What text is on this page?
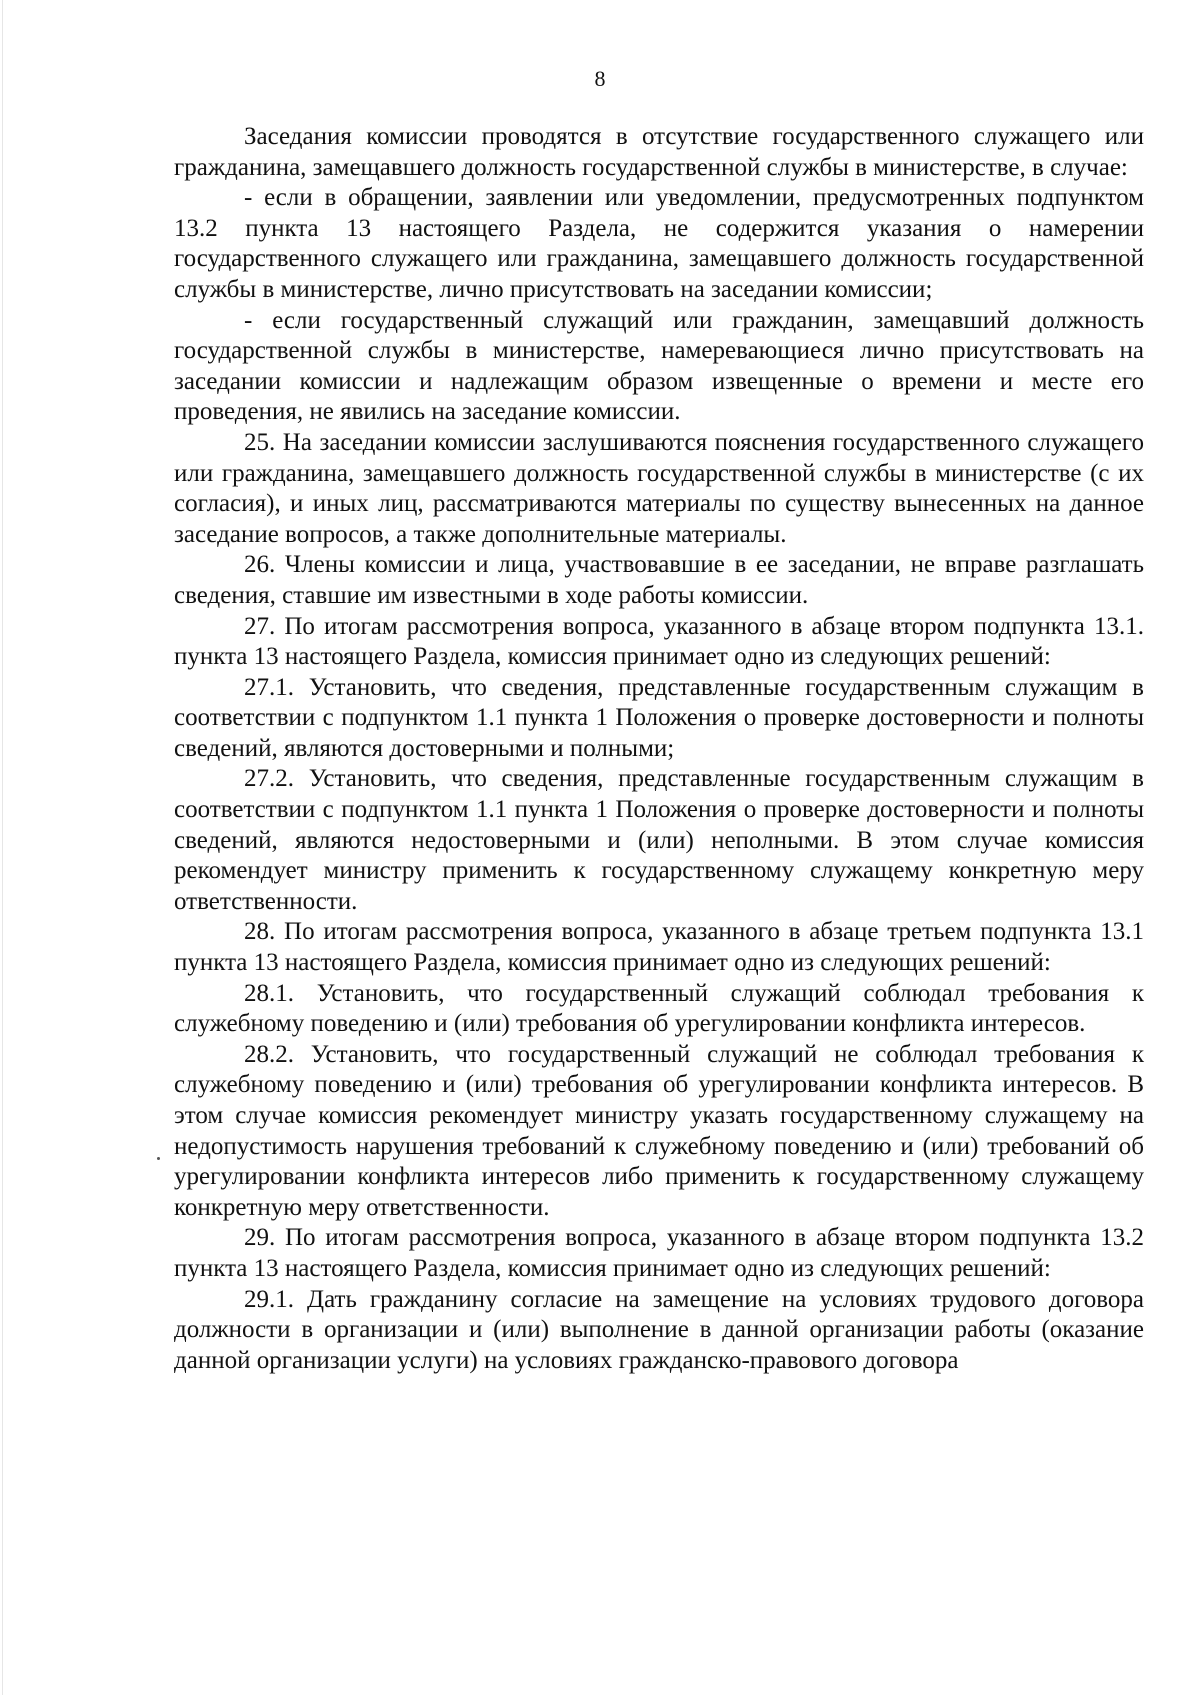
8

Заседания комиссии проводятся в отсутствие государственного служащего или гражданина, замещавшего должность государственной службы в министерстве, в случае:

- если в обращении, заявлении или уведомлении, предусмотренных подпунктом 13.2 пункта 13 настоящего Раздела, не содержится указания о намерении государственного служащего или гражданина, замещавшего должность государственной службы в министерстве, лично присутствовать на заседании комиссии;

- если государственный служащий или гражданин, замещавший должность государственной службы в министерстве, намеревающиеся лично присутствовать на заседании комиссии и надлежащим образом извещенные о времени и месте его проведения, не явились на заседание комиссии.

25. На заседании комиссии заслушиваются пояснения государственного служащего или гражданина, замещавшего должность государственной службы в министерстве (с их согласия), и иных лиц, рассматриваются материалы по существу вынесенных на данное заседание вопросов, а также дополнительные материалы.

26. Члены комиссии и лица, участвовавшие в ее заседании, не вправе разглашать сведения, ставшие им известными в ходе работы комиссии.

27. По итогам рассмотрения вопроса, указанного в абзаце втором подпункта 13.1. пункта 13 настоящего Раздела, комиссия принимает одно из следующих решений:

27.1. Установить, что сведения, представленные государственным служащим в соответствии с подпунктом 1.1 пункта 1 Положения о проверке достоверности и полноты сведений, являются достоверными и полными;

27.2. Установить, что сведения, представленные государственным служащим в соответствии с подпунктом 1.1 пункта 1 Положения о проверке достоверности и полноты сведений, являются недостоверными и (или) неполными. В этом случае комиссия рекомендует министру применить к государственному служащему конкретную меру ответственности.

28. По итогам рассмотрения вопроса, указанного в абзаце третьем подпункта 13.1 пункта 13 настоящего Раздела, комиссия принимает одно из следующих решений:

28.1. Установить, что государственный служащий соблюдал требования к служебному поведению и (или) требования об урегулировании конфликта интересов.

28.2. Установить, что государственный служащий не соблюдал требования к служебному поведению и (или) требования об урегулировании конфликта интересов. В этом случае комиссия рекомендует министру указать государственному служащему на недопустимость нарушения требований к служебному поведению и (или) требований об урегулировании конфликта интересов либо применить к государственному служащему конкретную меру ответственности.

29. По итогам рассмотрения вопроса, указанного в абзаце втором подпункта 13.2 пункта 13 настоящего Раздела, комиссия принимает одно из следующих решений:

29.1. Дать гражданину согласие на замещение на условиях трудового договора должности в организации и (или) выполнение в данной организации работы (оказание данной организации услуги) на условиях гражданско-правового договора
